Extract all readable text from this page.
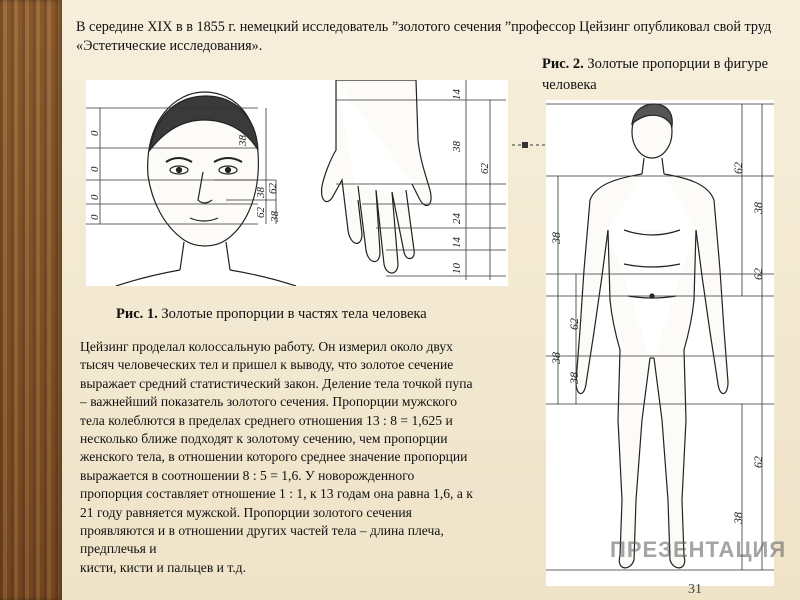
В середине XIX в в 1855 г. немецкий исследователь ”золотого сечения ”профессор Цейзинг опубликовал свой труд «Эстетические исследования».
Рис. 2. Золотые пропорции в фигуре человека
0
0
0
0
38
38
62
62
38
14
38
62
24
14
10
Рис. 1. Золотые пропорции в частях тела человека

Цейзинг проделал колоссальную работу. Он измерил около двух

тысяч человеческих тел и пришел к выводу, что золотое сечение

выражает средний статистический закон. Деление тела точкой пупа

– важнейший показатель золотого сечения. Пропорции мужского

тела колеблются в пределах среднего отношения 13 : 8 = 1,625 и

несколько ближе подходят к золотому сечению, чем пропорции

женского тела, в отношении которого среднее значение пропорции

выражается в соотношении 8 : 5 = 1,6. У новорожденного

пропорция составляет отношение 1 : 1, к 13 годам она равна 1,6, а к

21 году равняется мужской. Пропорции золотого сечения

проявляются и в отношении других частей тела – длина плеча,

предплечья и

кисти, кисти и пальцев и т.д.

38
38
62
62
38
62
38
62
38
ПРЕЗЕНТАЦИЯ
31
